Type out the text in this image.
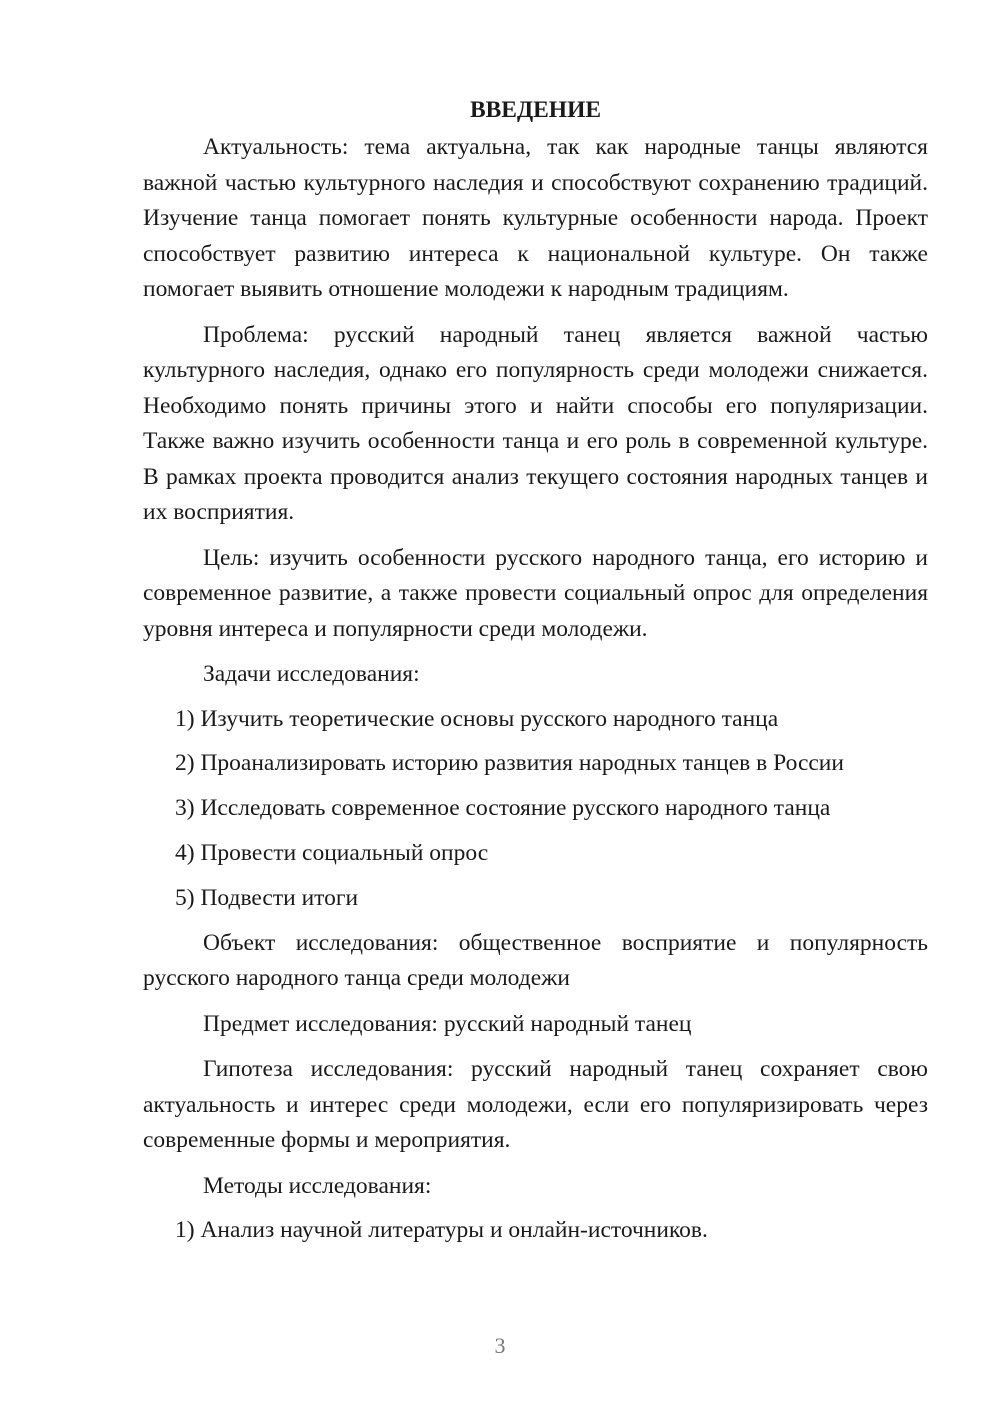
ВВЕДЕНИЕ

Актуальность: тема актуальна, так как народные танцы являются важной частью культурного наследия и способствуют сохранению традиций. Изучение танца помогает понять культурные особенности народа. Проект способствует развитию интереса к национальной культуре. Он также помогает выявить отношение молодежи к народным традициям.

Проблема: русский народный танец является важной частью культурного наследия, однако его популярность среди молодежи снижается. Необходимо понять причины этого и найти способы его популяризации. Также важно изучить особенности танца и его роль в современной культуре. В рамках проекта проводится анализ текущего состояния народных танцев и их восприятия.

Цель: изучить особенности русского народного танца, его историю и современное развитие, а также провести социальный опрос для определения уровня интереса и популярности среди молодежи.

Задачи исследования:

1) Изучить теоретические основы русского народного танца

2) Проанализировать историю развития народных танцев в России

3) Исследовать современное состояние русского народного танца

4) Провести социальный опрос

5) Подвести итоги

Объект исследования: общественное восприятие и популярность русского народного танца среди молодежи

Предмет исследования: русский народный танец

Гипотеза исследования: русский народный танец сохраняет свою актуальность и интерес среди молодежи, если его популяризировать через современные формы и мероприятия.

Методы исследования:

1) Анализ научной литературы и онлайн-источников.

3
